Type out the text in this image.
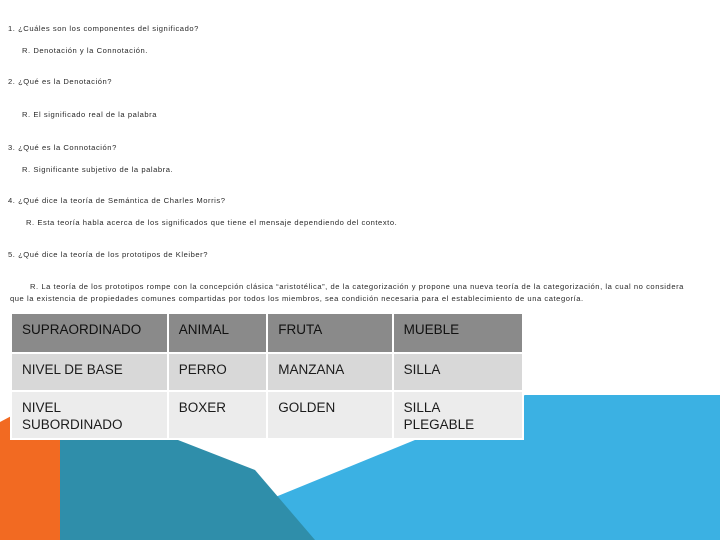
1. ¿Cuáles son los componentes del significado?
R. Denotación y la Connotación.
2. ¿Qué es la Denotación?
R. El significado real de la palabra
3. ¿Qué es la Connotación?
R. Significante subjetivo de la palabra.
4. ¿Qué dice la teoría de Semántica de Charles Morris?
R. Esta teoría habla acerca de los significados que tiene el mensaje dependiendo del contexto.
5. ¿Qué dice la teoría de los prototipos de Kleiber?
R. La teoría de los prototipos rompe con la concepción clásica “aristotélica”, de la categorización y propone una nueva teoría de la categorización, la cual no considera que la existencia de propiedades comunes compartidas por todos los miembros, sea condición necesaria para el establecimiento de una categoría.
SUPRAORDINADO	ANIMAL	FRUTA	MUEBLE
NIVEL DE BASE	PERRO	MANZANA	SILLA
NIVEL SUBORDINADO	BOXER	GOLDEN	SILLA PLEGABLE
